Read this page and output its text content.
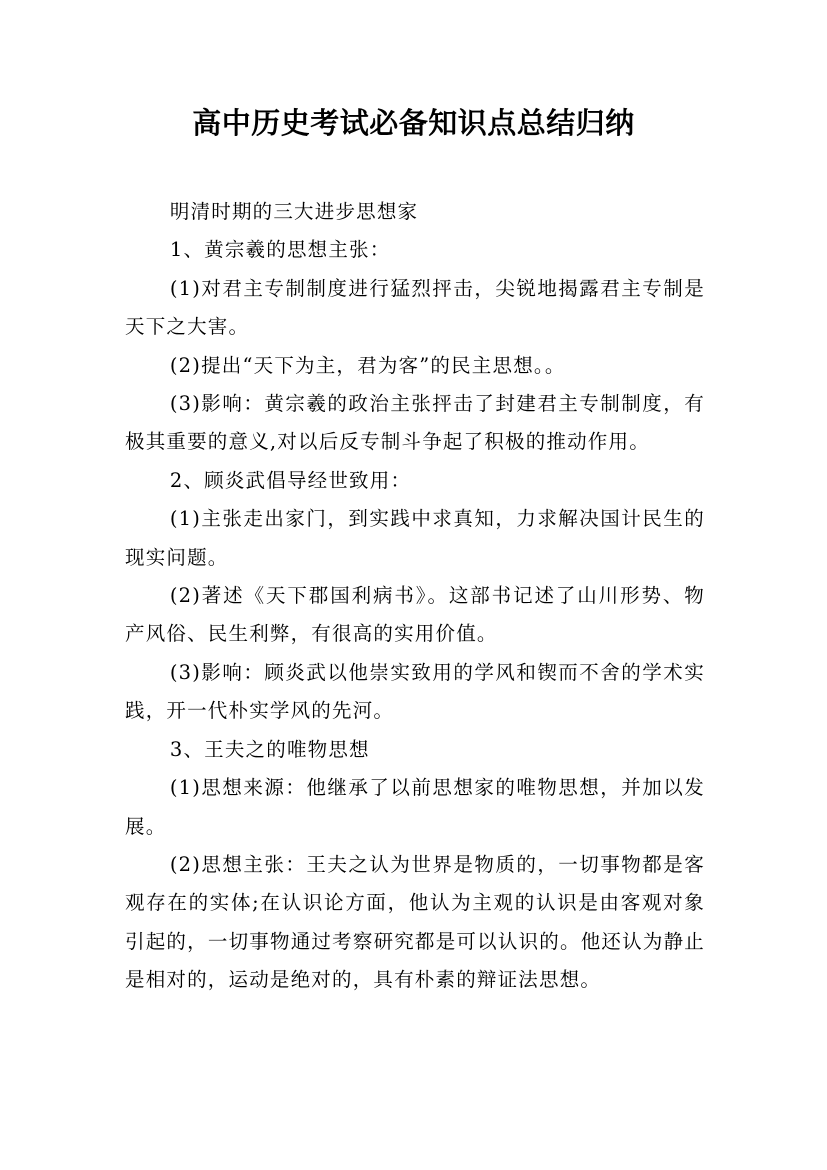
高中历史考试必备知识点总结归纳

明清时期的三大进步思想家

1、黄宗羲的思想主张：

(1)对君主专制制度进行猛烈抨击，尖锐地揭露君主专制是天下之大害。

(2)提出“天下为主，君为客”的民主思想。。

(3)影响：黄宗羲的政治主张抨击了封建君主专制制度，有极其重要的意义,对以后反专制斗争起了积极的推动作用。

2、顾炎武倡导经世致用：

(1)主张走出家门，到实践中求真知，力求解决国计民生的现实问题。

(2)著述《天下郡国利病书》。这部书记述了山川形势、物产风俗、民生利弊，有很高的实用价值。

(3)影响：顾炎武以他崇实致用的学风和锲而不舍的学术实践，开一代朴实学风的先河。

3、王夫之的唯物思想

(1)思想来源：他继承了以前思想家的唯物思想，并加以发展。

(2)思想主张：王夫之认为世界是物质的，一切事物都是客观存在的实体;在认识论方面，他认为主观的认识是由客观对象引起的，一切事物通过考察研究都是可以认识的。他还认为静止是相对的，运动是绝对的，具有朴素的辩证法思想。
